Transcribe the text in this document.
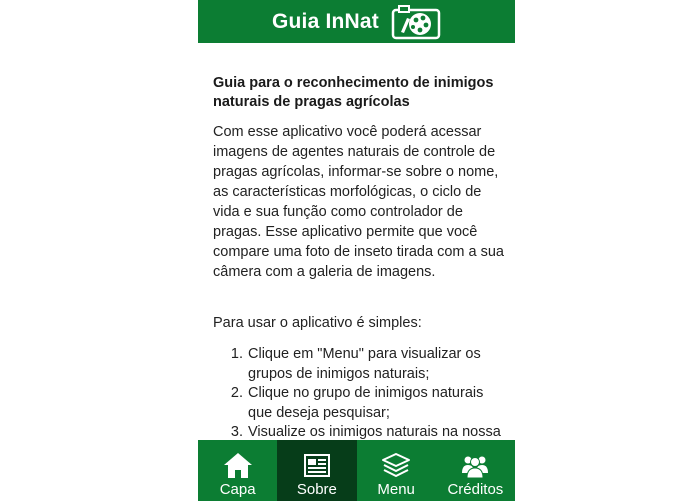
Guia InNat
Guia para o reconhecimento de inimigos naturais de pragas agrícolas

Com esse aplicativo você poderá acessar imagens de agentes naturais de controle de pragas agrícolas, informar-se sobre o nome, as características morfológicas, o ciclo de vida e sua função como controlador de pragas. Esse aplicativo permite que você compare uma foto de inseto tirada com a sua câmera com a galeria de imagens.

Para usar o aplicativo é simples:

1. Clique em "Menu" para visualizar os grupos de inimigos naturais;
2. Clique no grupo de inimigos naturais que deseja pesquisar;
3. Visualize os inimigos naturais na nossa
Capa	Sobre	Menu Créditos
